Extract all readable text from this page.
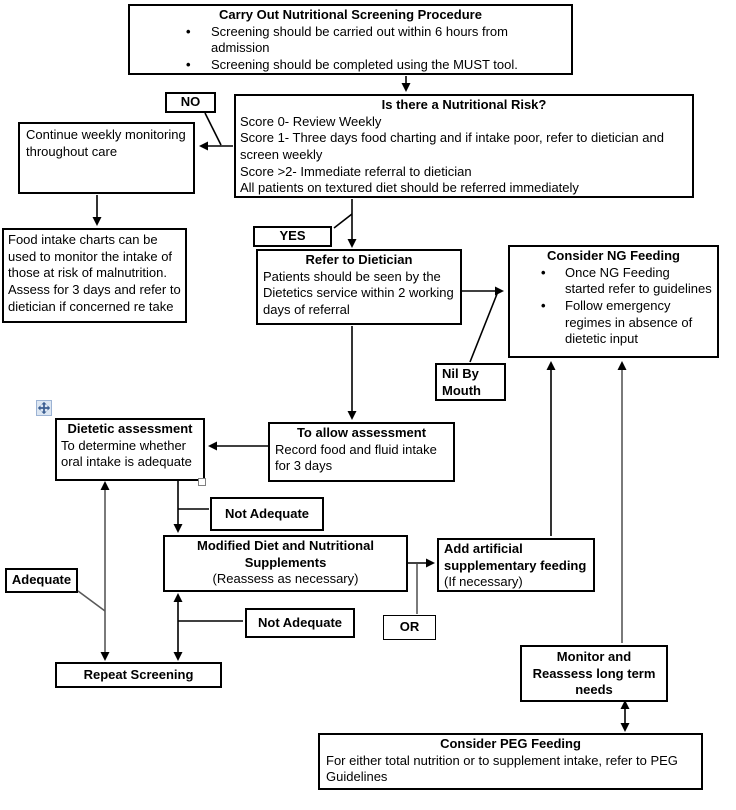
Carry Out Nutritional Screening Procedure
• Screening should be carried out within 6 hours from admission
• Screening should be completed using the MUST tool.
Is there a Nutritional Risk?
Score 0- Review Weekly
Score 1- Three days food charting and if intake poor, refer to dietician and screen weekly
Score >2- Immediate referral to dietician
All patients on textured diet should be referred immediately
NO
Continue weekly monitoring throughout care
Food intake charts can be used to monitor the intake of those at risk of malnutrition. Assess for 3 days and refer to dietician if concerned re take
YES
Refer to Dietician
Patients should be seen by the Dietetics service within 2 working days of referral
Consider NG Feeding
• Once NG Feeding started refer to guidelines
• Follow emergency regimes in absence of dietetic input
Nil By Mouth
Dietetic assessment
To determine whether oral intake is adequate
To allow assessment
Record food and fluid intake for 3 days
Not Adequate
Modified Diet and Nutritional Supplements
(Reassess as necessary)
Add artificial supplementary feeding
(If necessary)
Adequate
Not Adequate	OR
Repeat Screening
Monitor and Reassess long term needs
Consider PEG Feeding
For either total nutrition or to supplement intake, refer to PEG Guidelines
